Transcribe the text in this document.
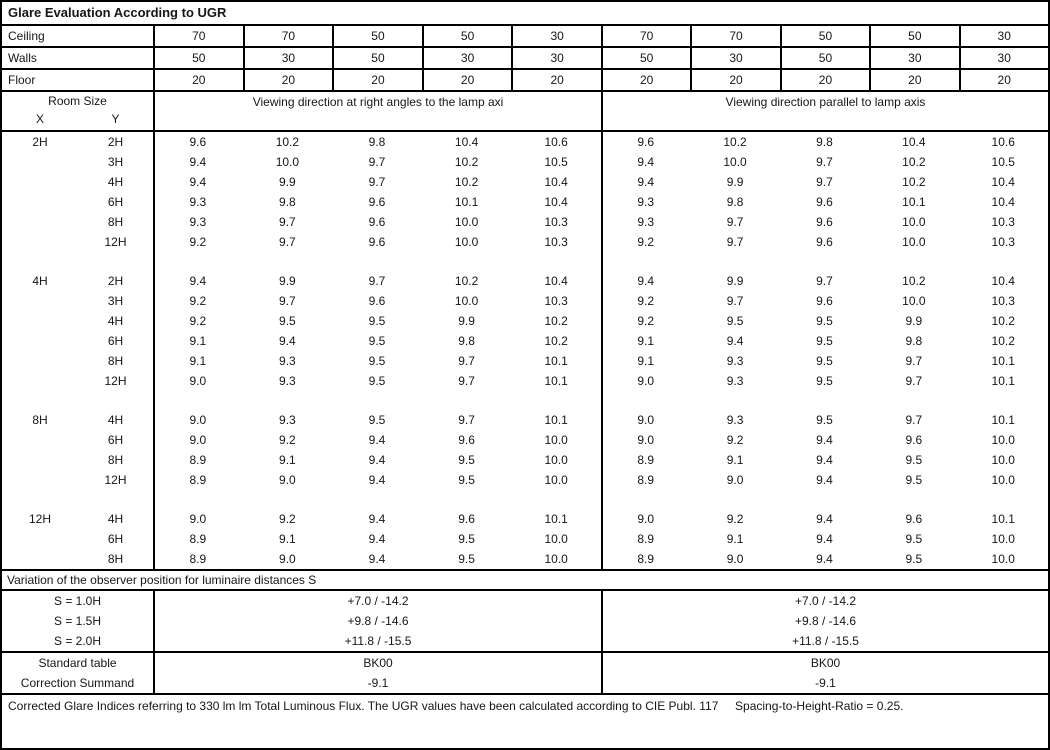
Glare Evaluation According to UGR
Ceiling	70	70	50	50	30	70	70	50	50	30
Walls	50	30	50	30	30	50	30	50	30	30
Floor	20	20	20	20	20	20	20	20	20	20
Room Size
X	Y
Viewing direction at right angles to the lamp axi	Viewing direction parallel to lamp axis
2H	2H	9.6	10.2	9.8	10.4	10.6	9.6	10.2	9.8	10.4	10.6
3H	9.4	10.0	9.7	10.2	10.5	9.4	10.0	9.7	10.2	10.5
4H	9.4	9.9	9.7	10.2	10.4	9.4	9.9	9.7	10.2	10.4
6H	9.3	9.8	9.6	10.1	10.4	9.3	9.8	9.6	10.1	10.4
8H	9.3	9.7	9.6	10.0	10.3	9.3	9.7	9.6	10.0	10.3
12H	9.2	9.7	9.6	10.0	10.3	9.2	9.7	9.6	10.0	10.3
4H	2H	9.4	9.9	9.7	10.2	10.4	9.4	9.9	9.7	10.2	10.4
3H	9.2	9.7	9.6	10.0	10.3	9.2	9.7	9.6	10.0	10.3
4H	9.2	9.5	9.5	9.9	10.2	9.2	9.5	9.5	9.9	10.2
6H	9.1	9.4	9.5	9.8	10.2	9.1	9.4	9.5	9.8	10.2
8H	9.1	9.3	9.5	9.7	10.1	9.1	9.3	9.5	9.7	10.1
12H	9.0	9.3	9.5	9.7	10.1	9.0	9.3	9.5	9.7	10.1
8H	4H	9.0	9.3	9.5	9.7	10.1	9.0	9.3	9.5	9.7	10.1
6H	9.0	9.2	9.4	9.6	10.0	9.0	9.2	9.4	9.6	10.0
8H	8.9	9.1	9.4	9.5	10.0	8.9	9.1	9.4	9.5	10.0
12H	8.9	9.0	9.4	9.5	10.0	8.9	9.0	9.4	9.5	10.0
12H	4H	9.0	9.2	9.4	9.6	10.1	9.0	9.2	9.4	9.6	10.1
6H	8.9	9.1	9.4	9.5	10.0	8.9	9.1	9.4	9.5	10.0
8H	8.9	9.0	9.4	9.5	10.0	8.9	9.0	9.4	9.5	10.0
Variation of the observer position for luminaire distances S
S = 1.0H	+7.0 / -14.2	+7.0 / -14.2
S = 1.5H	+9.8 / -14.6	+9.8 / -14.6
S = 2.0H	+11.8 / -15.5	+11.8 / -15.5
Standard table	BK00	BK00
Correction Summand	-9.1	-9.1
Corrected Glare Indices referring to 330 lm lm Total Luminous Flux. The UGR values have been calculated according to CIE Publ. 117     Spacing-to-Height-Ratio = 0.25.
